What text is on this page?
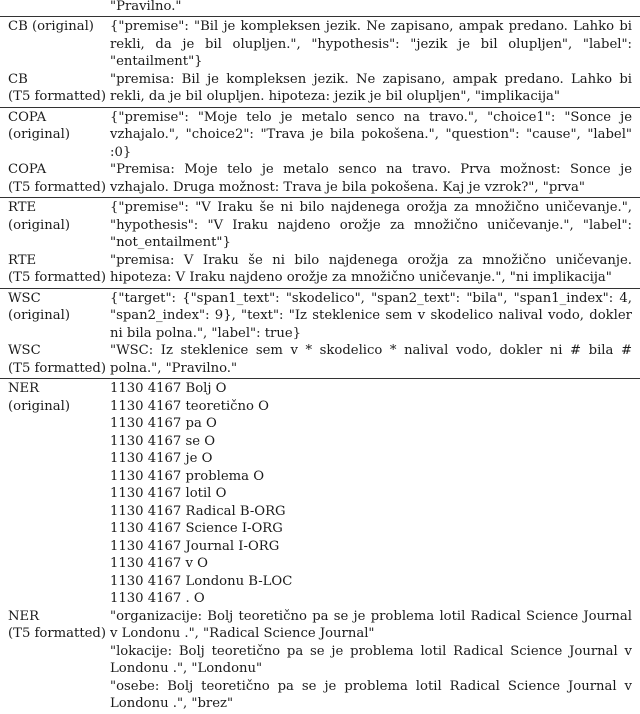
"Pravilno."
CB (original)	{"premise": "Bil je kompleksen jezik. Ne zapisano, ampak predano. Lahko bi rekli, da je bil olupljen.", "hypothesis": "jezik je bil olupljen", "label": "entailment"}
CB
(T5 formatted)
"premisa: Bil je kompleksen jezik. Ne zapisano, ampak predano. Lahko bi rekli, da je bil olupljen. hipoteza: jezik je bil olupljen", "implikacija"
COPA
(original)
{"premise": "Moje telo je metalo senco na travo.", "choice1": "Sonce je vzhajalo.", "choice2": "Trava je bila pokošena.", "question": "cause", "label" :0}
COPA
(T5 formatted)
"Premisa: Moje telo je metalo senco na travo. Prva možnost: Sonce je vzhajalo. Druga možnost: Trava je bila pokošena. Kaj je vzrok?", "prva"
RTE
(original)
{"premise": "V Iraku še ni bilo najdenega orožja za množično uničevanje.", "hypothesis": "V Iraku najdeno orožje za množično uničevanje.", "label": "not_entailment"}
RTE
(T5 formatted)
"premisa: V Iraku še ni bilo najdenega orožja za množično uničevanje. hipoteza: V Iraku najdeno orožje za množično uničevanje.", "ni implikacija"
WSC
(original)
{"target": {"span1_text": "skodelico", "span2_text": "bila", "span1_index": 4, "span2_index": 9}, "text": "Iz steklenice sem v skodelico nalival vodo, dokler ni bila polna.", "label": true}
WSC
(T5 formatted)
"WSC: Iz steklenice sem v * skodelico * nalival vodo, dokler ni # bila # polna.", "Pravilno."
NER
(original)
1130 4167 Bolj O
1130 4167 teoretično O
1130 4167 pa O
1130 4167 se O
1130 4167 je O
1130 4167 problema O
1130 4167 lotil O
1130 4167 Radical B-ORG
1130 4167 Science I-ORG
1130 4167 Journal I-ORG
1130 4167 v O
1130 4167 Londonu B-LOC
1130 4167 . O
NER
(T5 formatted)
"organizacije: Bolj teoretično pa se je problema lotil Radical Science Journal v Londonu .", "Radical Science Journal"
"lokacije: Bolj teoretično pa se je problema lotil Radical Science Journal v Londonu .", "Londonu"
"osebe: Bolj teoretično pa se je problema lotil Radical Science Journal v Londonu .", "brez"
